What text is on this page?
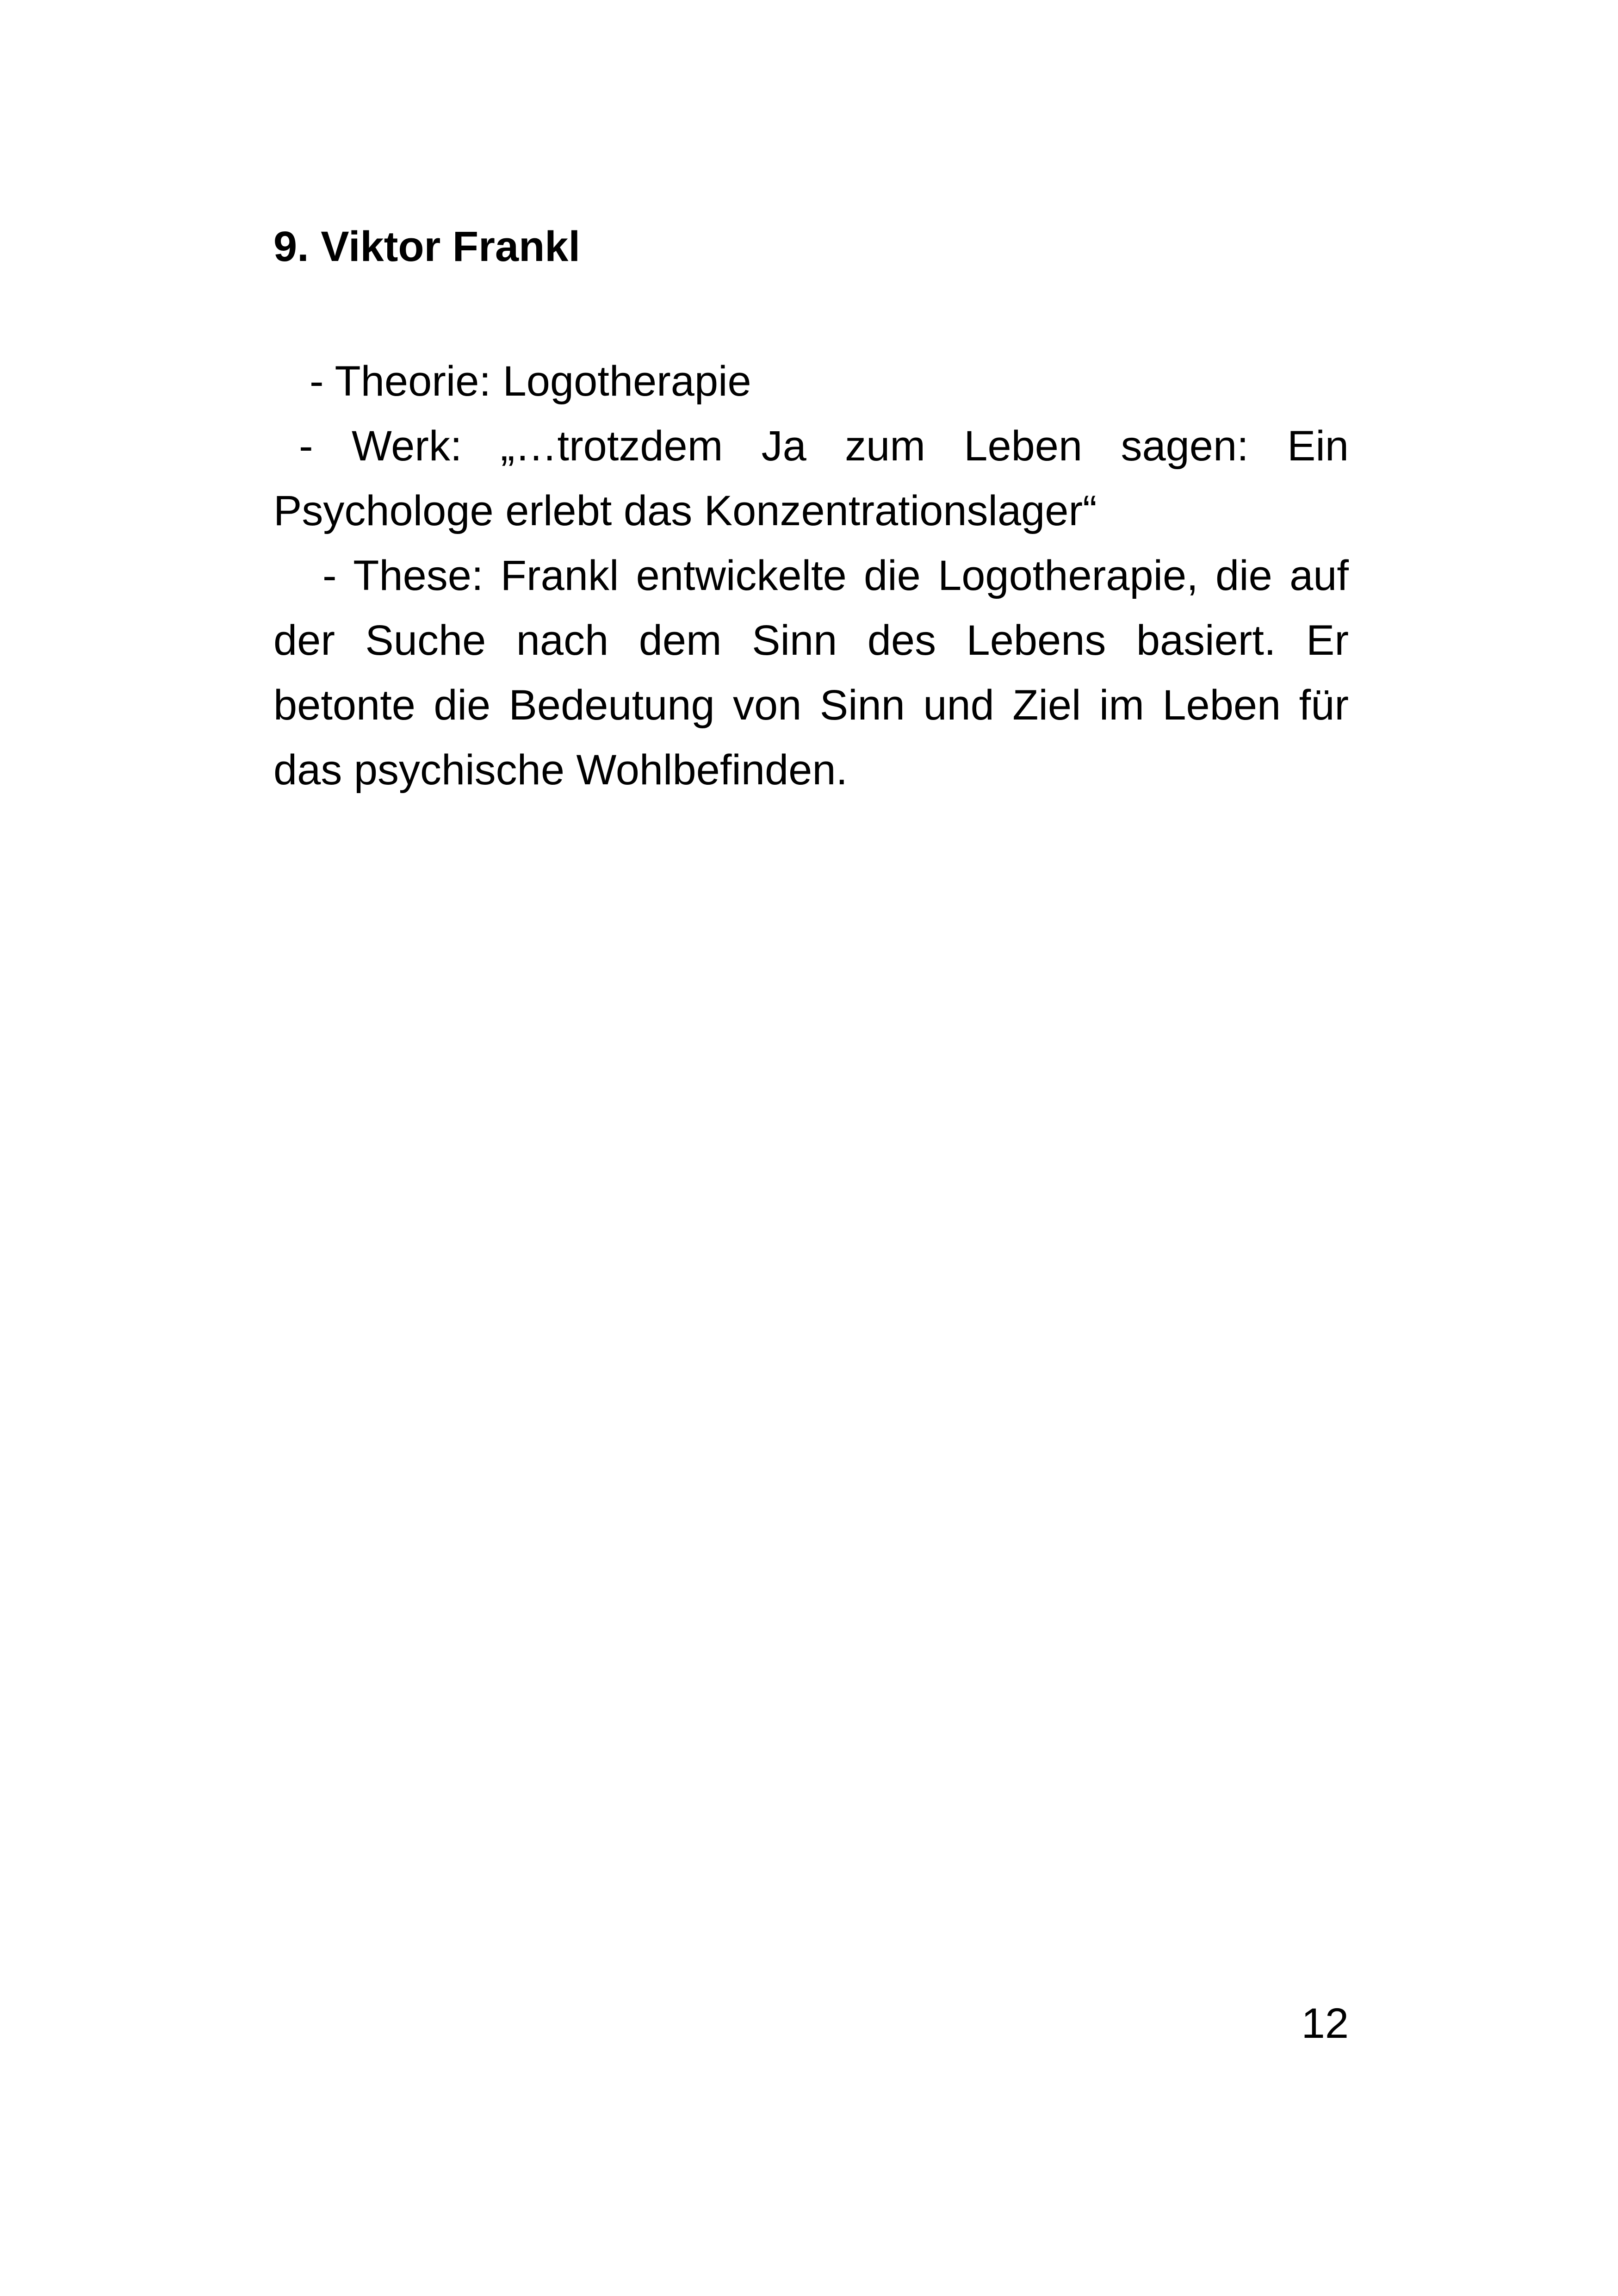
9. Viktor Frankl

- Theorie: Logotherapie

- Werk: „…trotzdem Ja zum Leben sagen: Ein Psychologe erlebt das Konzentrationslager“

- These: Frankl entwickelte die Logotherapie, die auf der Suche nach dem Sinn des Lebens basiert. Er betonte die Bedeutung von Sinn und Ziel im Leben für das psychische Wohlbefinden.

12
